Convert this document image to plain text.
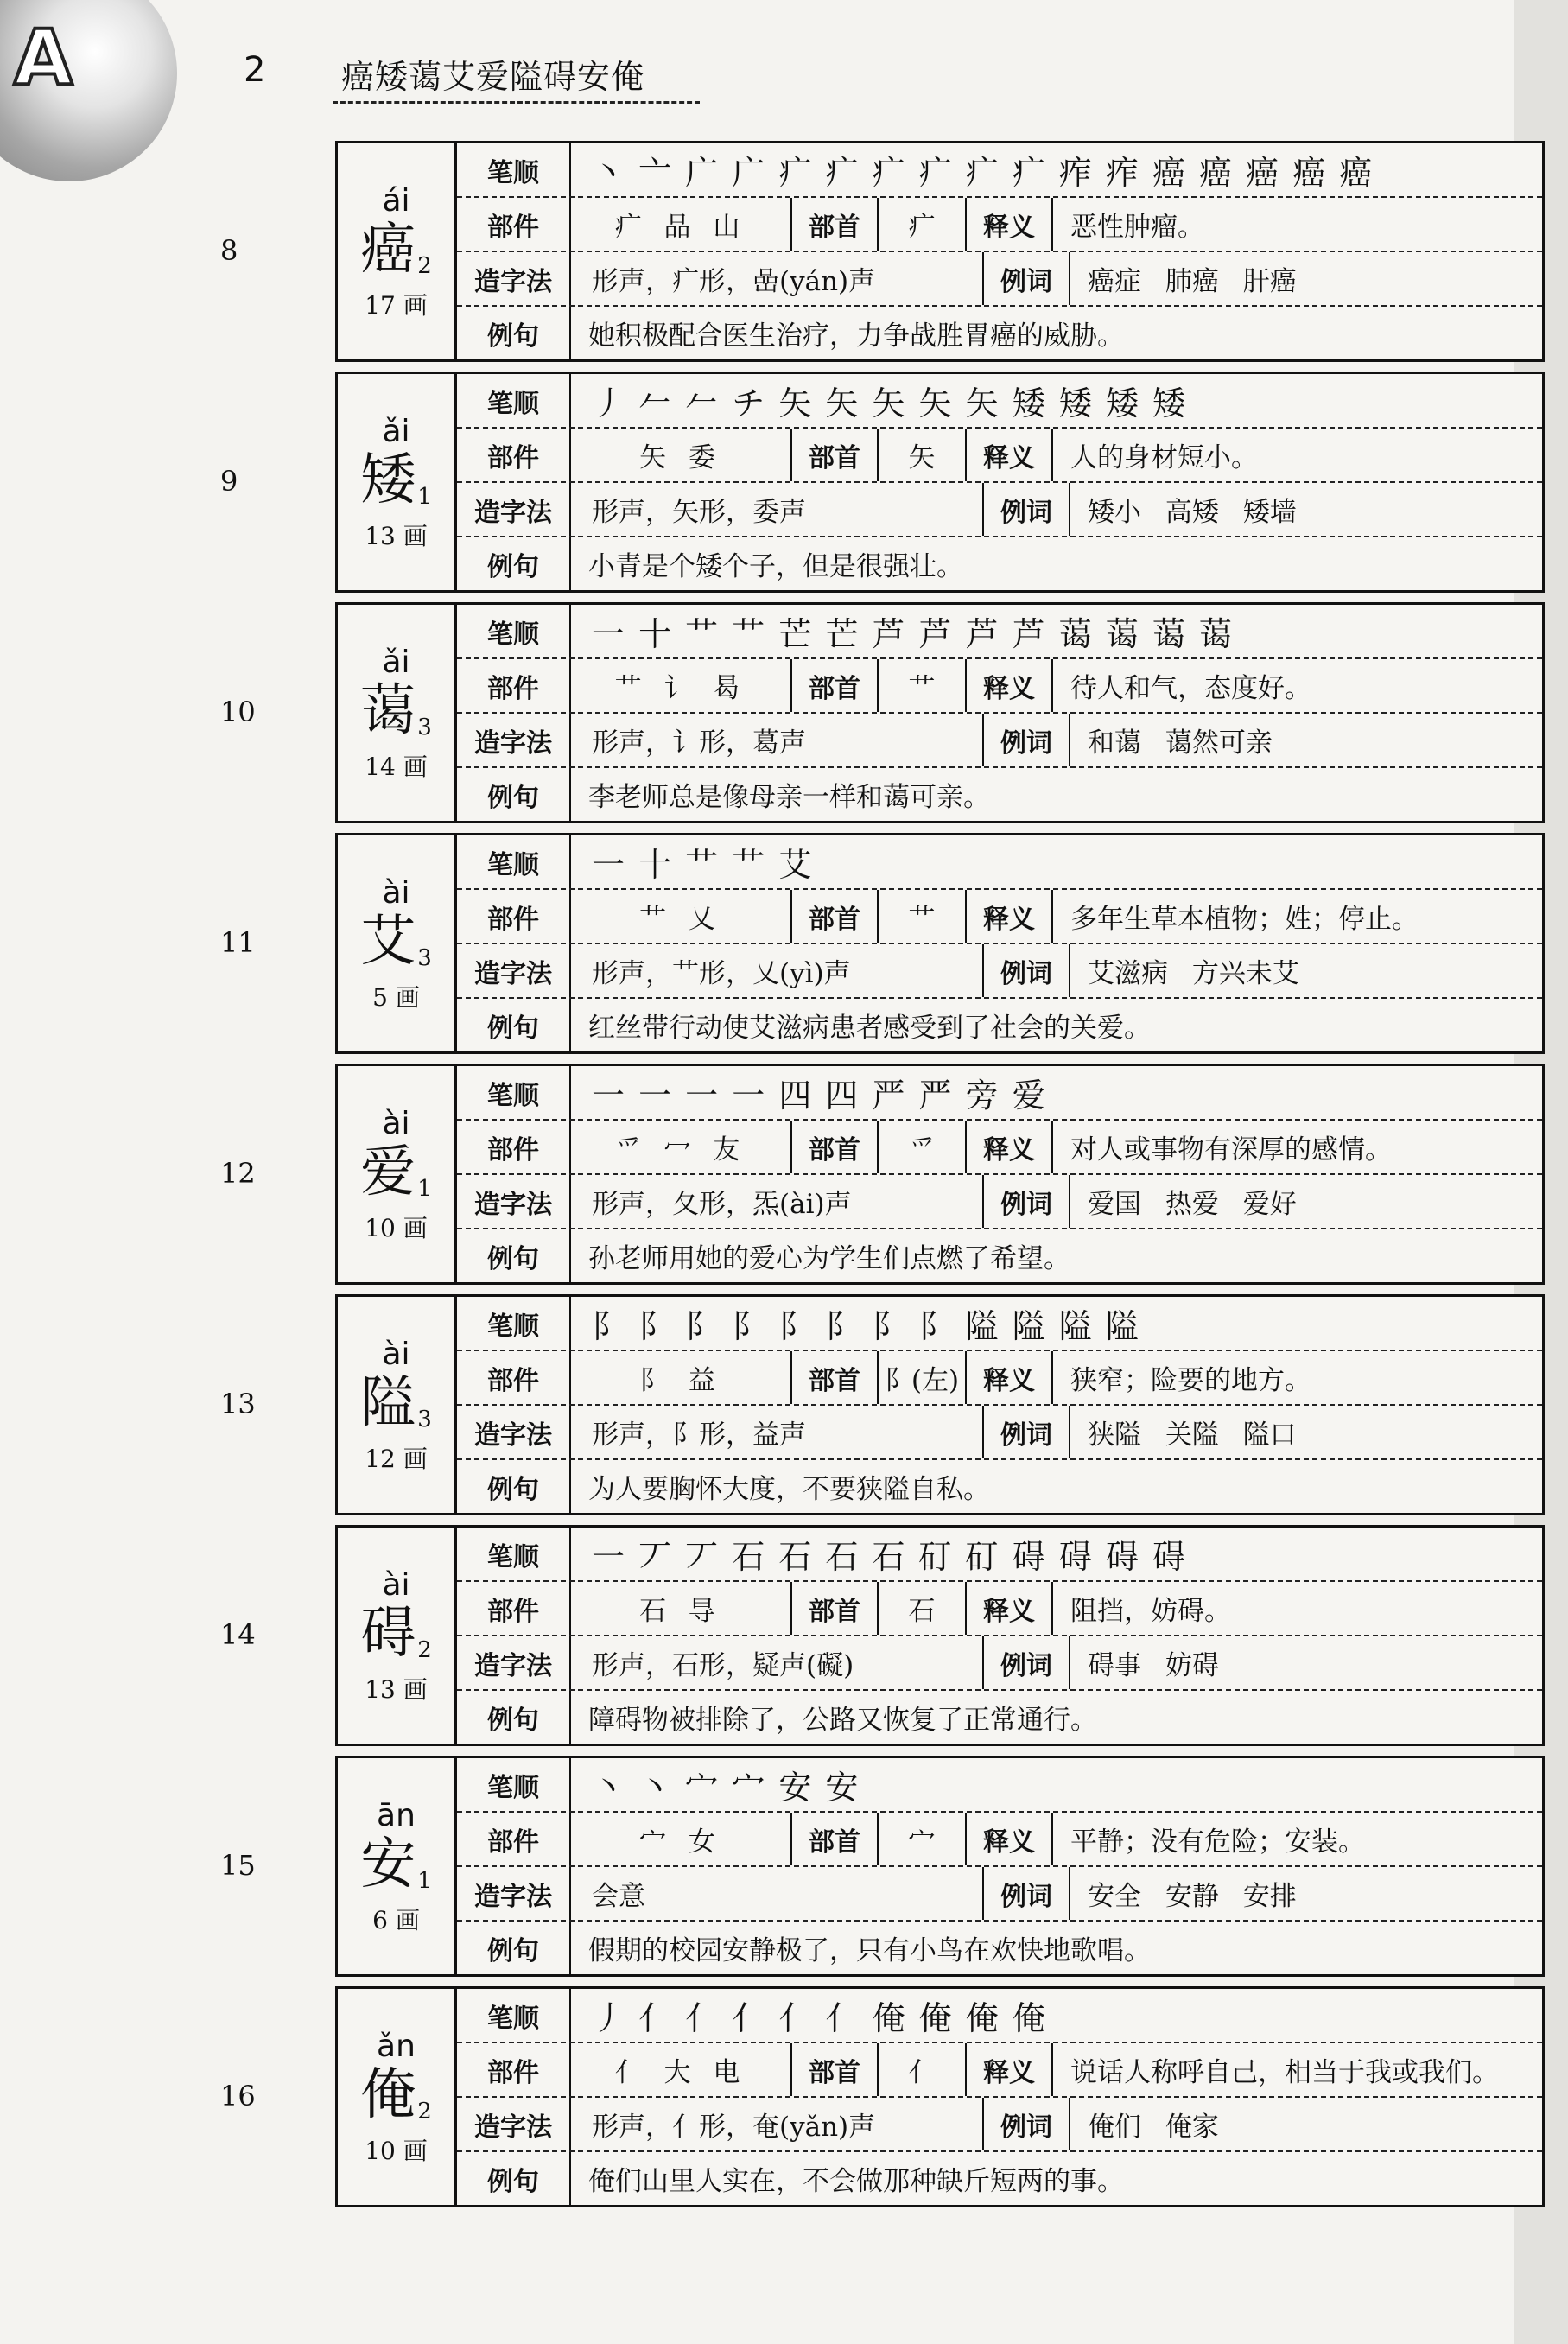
A	2 癌矮蔼艾爱隘碍安俺
8
ái
癌$_2$
17 画
笔顺	丶 亠 广 广 疒 疒 疒 疒 疒 疒 痄 痄 癌 癌 癌 癌 癌
部件	疒 品 山	部首	疒	释义	恶性肿瘤。
造字法	形声，疒形，嵒(yán)声	例词	癌症 肺癌 肝癌
例句	她积极配合医生治疗，力争战胜胃癌的威胁。
9
ǎi
矮$_1$
13 画
笔顺	丿 𠂉 𠂉 チ 矢 矢 矢 矢 矢 矮 矮 矮 矮
部件	矢 委	部首	矢	释义	人的身材短小。
造字法	形声，矢形，委声	例词	矮小 高矮 矮墙
例句	小青是个矮个子，但是很强壮。
10
ǎi
蔼$_3$
14 画
笔顺	一 十 艹 艹 芒 芒 芦 芦 芦 芦 蔼 蔼 蔼 蔼
部件	艹 讠 曷	部首	艹	释义	待人和气，态度好。
造字法	形声，讠形，葛声	例词	和蔼 蔼然可亲
例句	李老师总是像母亲一样和蔼可亲。
11
ài
艾$_3$
5 画
笔顺	一 十 艹 艹 艾
部件	艹 乂	部首	艹	释义	多年生草本植物；姓；停止。
造字法	形声，艹形，乂(yì)声	例词	艾滋病 方兴未艾
例句	红丝带行动使艾滋病患者感受到了社会的关爱。
12
ài
爱$_1$
10 画
笔顺	一 一 一 一 四 四 严 严 旁 爱
部件	爫 冖 友	部首	爫	释义	对人或事物有深厚的感情。
造字法	形声，夂形，炁(ài)声	例词	爱国 热爱 爱好
例句	孙老师用她的爱心为学生们点燃了希望。
13
ài
隘$_3$
12 画
笔顺	阝 阝 阝 阝 阝 阝 阝 阝 隘 隘 隘 隘
部件	阝 益	部首 阝(左) 释义	狭窄；险要的地方。
造字法	形声，阝形，益声	例词	狭隘 关隘 隘口
例句	为人要胸怀大度，不要狭隘自私。
14
ài
碍$_2$
13 画
笔顺	一 丆 丆 石 石 石 石 矴 矴 碍 碍 碍 碍
部件	石 㝵	部首	石	释义	阻挡，妨碍。
造字法	形声，石形，疑声(礙)	例词	碍事 妨碍
例句	障碍物被排除了，公路又恢复了正常通行。
15
ān
安$_1$
6 画
笔顺	丶 丶 宀 宀 安 安
部件	宀 女	部首	宀	释义	平静；没有危险；安装。
造字法	会意	例词	安全 安静 安排
例句	假期的校园安静极了，只有小鸟在欢快地歌唱。
16
ǎn
俺$_2$
10 画
笔顺	丿 亻 亻 亻 亻 亻 俺 俺 俺 俺
部件	亻 大 电	部首	亻	释义	说话人称呼自己，相当于我或我们。
造字法	形声，亻形，奄(yǎn)声	例词	俺们 俺家
例句	俺们山里人实在，不会做那种缺斤短两的事。
